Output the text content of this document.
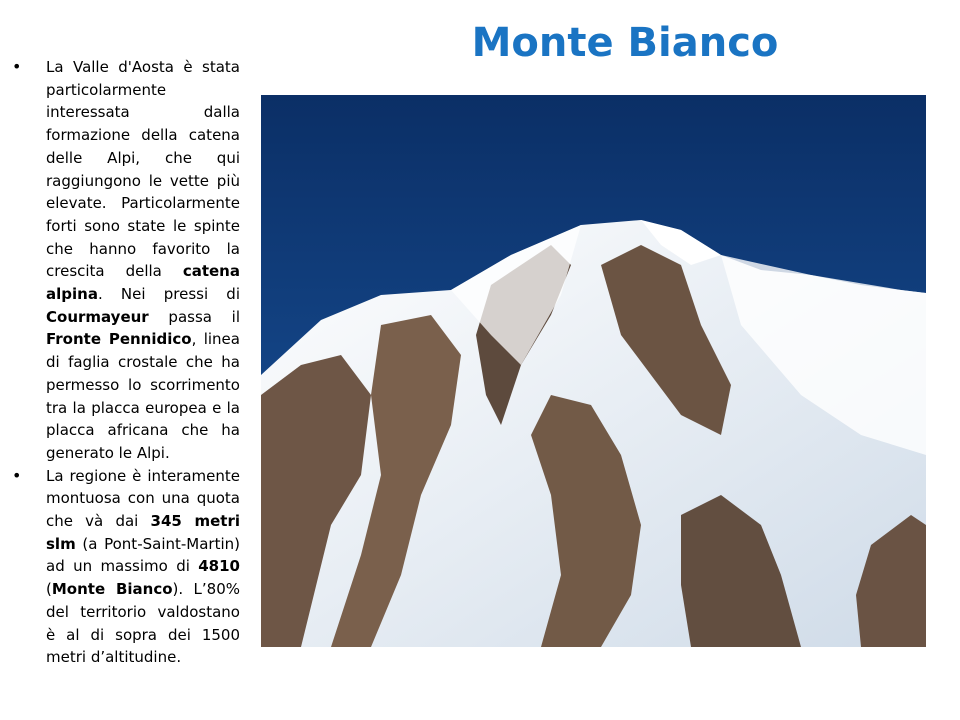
Monte Bianco
• La Valle d'Aosta è stata particolarmente interessata dalla formazione della catena delle Alpi, che qui raggiungono le vette più elevate. Particolarmente forti sono state le spinte che hanno favorito la crescita della catena alpina. Nei pressi di Courmayeur passa il Fronte Pennidico, linea di faglia crostale che ha permesso lo scorrimento tra la placca europea e la placca africana che ha generato le Alpi.
• La regione è interamente montuosa con una quota che và dai 345 metri slm (a Pont-Saint-Martin) ad un massimo di 4810 (Monte Bianco). L’80% del territorio valdostano è al di sopra dei 1500 metri d’altitudine.
